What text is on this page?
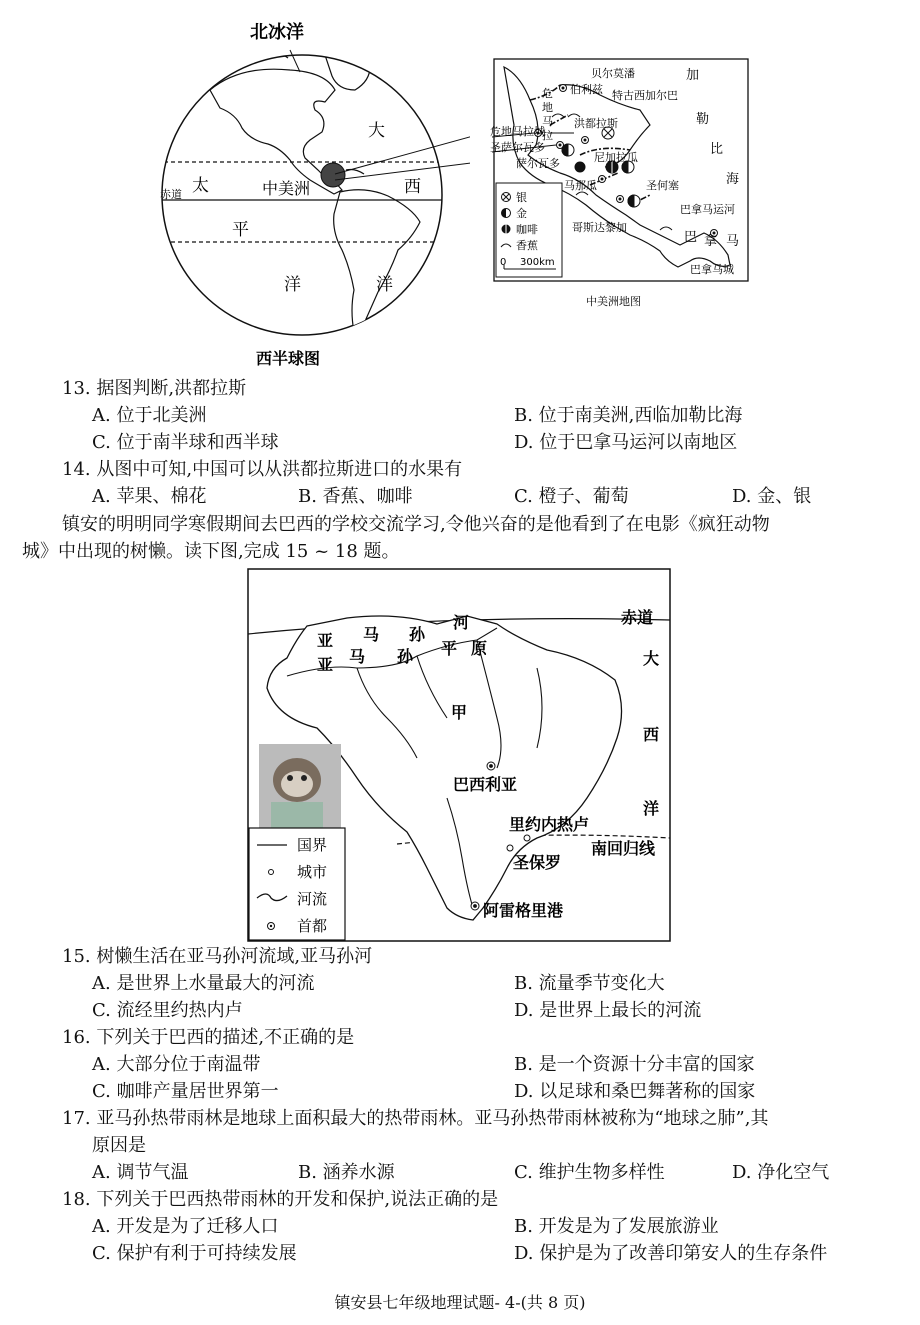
北冰洋
大
太	中美洲	西
赤道
平
洋	洋
西半球图
贝尔莫潘
伯利兹
危
地
马
拉
特古西加尔巴
洪都拉斯
危地马拉城
圣萨尔瓦多
萨尔瓦多	尼加拉瓜
马那瓜	圣何塞
哥斯达黎加
巴拿马运河
巴拿马城
巴 拿 马
加
勒
比
海
银
金
咖啡
香蕉
0 300km
中美洲地图
13. 据图判断,洪都拉斯
A. 位于北美洲	B. 位于南美洲,西临加勒比海
C. 位于南半球和西半球	D. 位于巴拿马运河以南地区
14. 从图中可知,中国可以从洪都拉斯进口的水果有
A. 苹果、棉花	B. 香蕉、咖啡	C. 橙子、葡萄	D. 金、银
镇安的明明同学寒假期间去巴西的学校交流学习,令他兴奋的是他看到了在电影《疯狂动物
城》中出现的树懒。读下图,完成 15 ~ 18 题。
国界
城市
河流
首都
赤道
亚 马 孙
河
亚 马 孙 平 原
甲
巴西利亚
里约内热卢
南回归线
圣保罗
阿雷格里港
大
西
洋
15. 树懒生活在亚马孙河流域,亚马孙河
A. 是世界上水量最大的河流	B. 流量季节变化大
C. 流经里约热内卢	D. 是世界上最长的河流
16. 下列关于巴西的描述,不正确的是
A. 大部分位于南温带	B. 是一个资源十分丰富的国家
C. 咖啡产量居世界第一	D. 以足球和桑巴舞著称的国家
17. 亚马孙热带雨林是地球上面积最大的热带雨林。亚马孙热带雨林被称为“地球之肺”,其
原因是
A. 调节气温	B. 涵养水源	C. 维护生物多样性	D. 净化空气
18. 下列关于巴西热带雨林的开发和保护,说法正确的是
A. 开发是为了迁移人口	B. 开发是为了发展旅游业
C. 保护有利于可持续发展	D. 保护是为了改善印第安人的生存条件
镇安县七年级地理试题- 4-(共 8 页)
